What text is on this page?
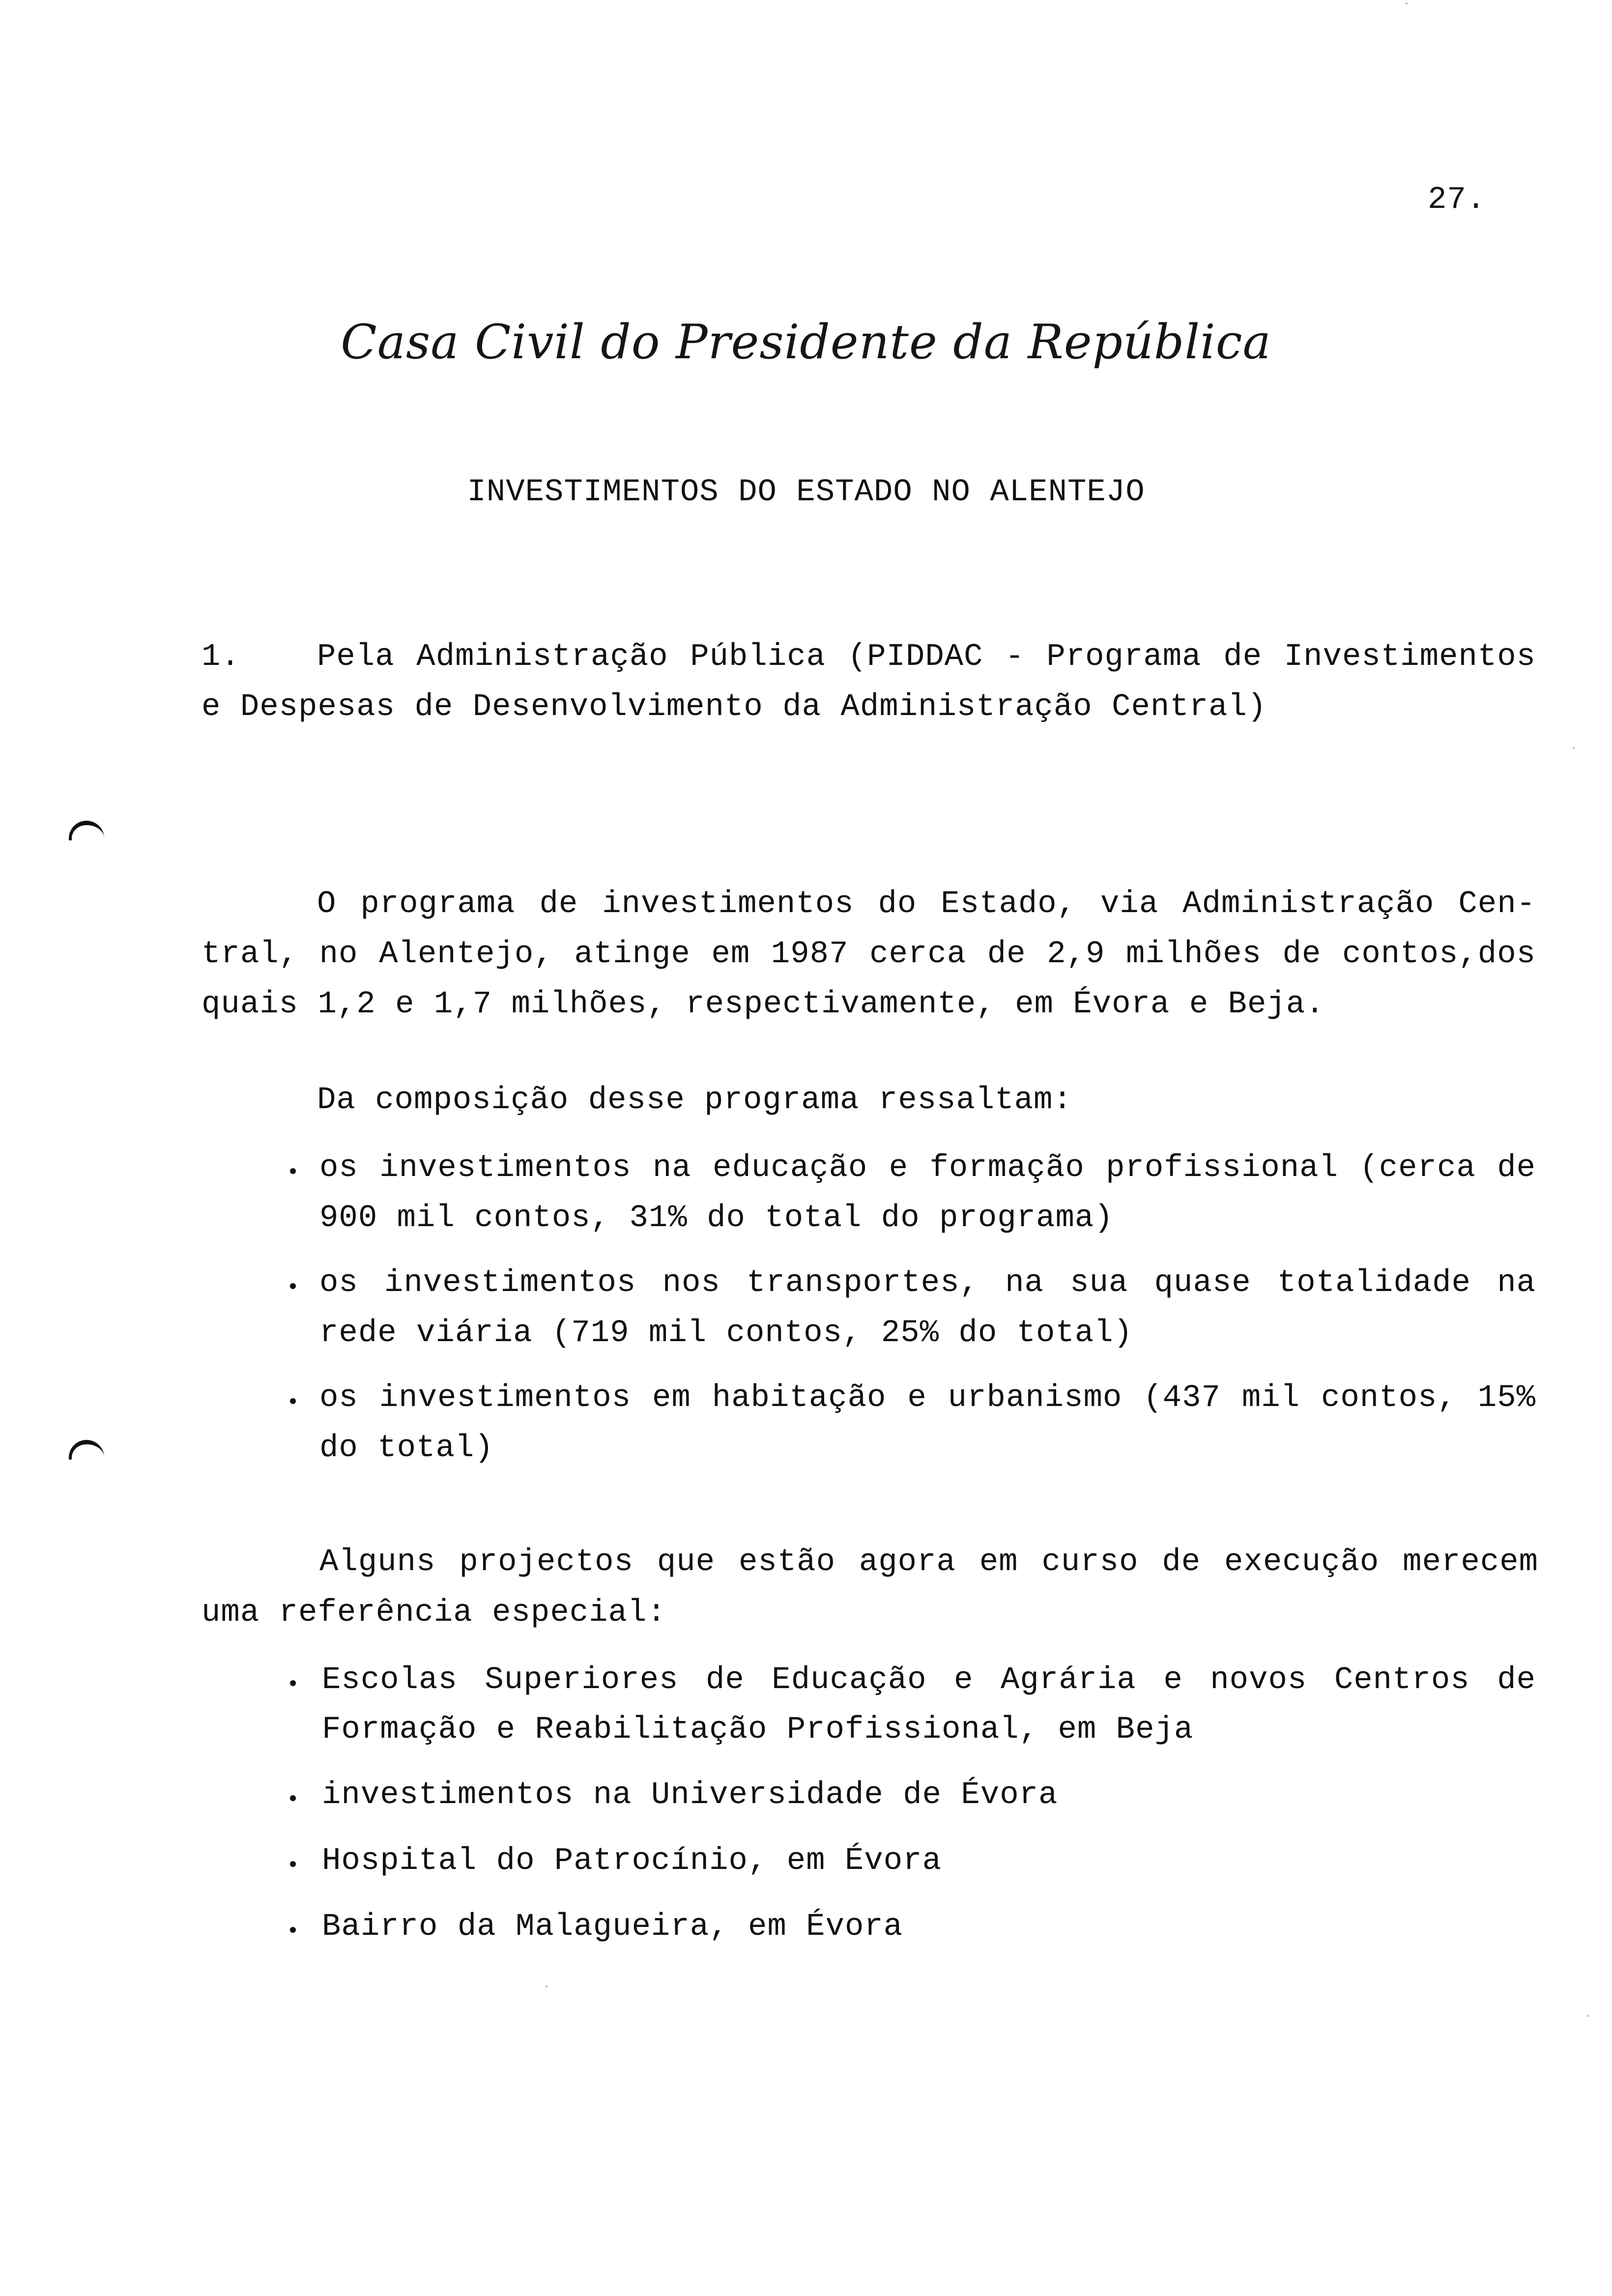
27.
Casa Civil do Presidente da República
INVESTIMENTOS DO ESTADO NO ALENTEJO
1. Pela Administração Pública (PIDDAC - Programa de Investimentos
e Despesas de Desenvolvimento da Administração Central)
O programa de investimentos do Estado, via Administração Cen-
tral, no Alentejo, atinge em 1987 cerca de 2,9 milhões de contos,dos
quais 1,2 e 1,7 milhões, respectivamente, em Évora e Beja.
Da composição desse programa ressaltam:
os investimentos na educação e formação profissional (cerca de
900 mil contos, 31% do total do programa)
os investimentos nos transportes, na sua quase totalidade na
rede viária (719 mil contos, 25% do total)
os investimentos em habitação e urbanismo (437 mil contos, 15%
do total)
Alguns projectos que estão agora em curso de execução merecem
uma referência especial:
Escolas Superiores de Educação e Agrária e novos Centros de
Formação e Reabilitação Profissional, em Beja
investimentos na Universidade de Évora
Hospital do Patrocínio, em Évora
Bairro da Malagueira, em Évora
